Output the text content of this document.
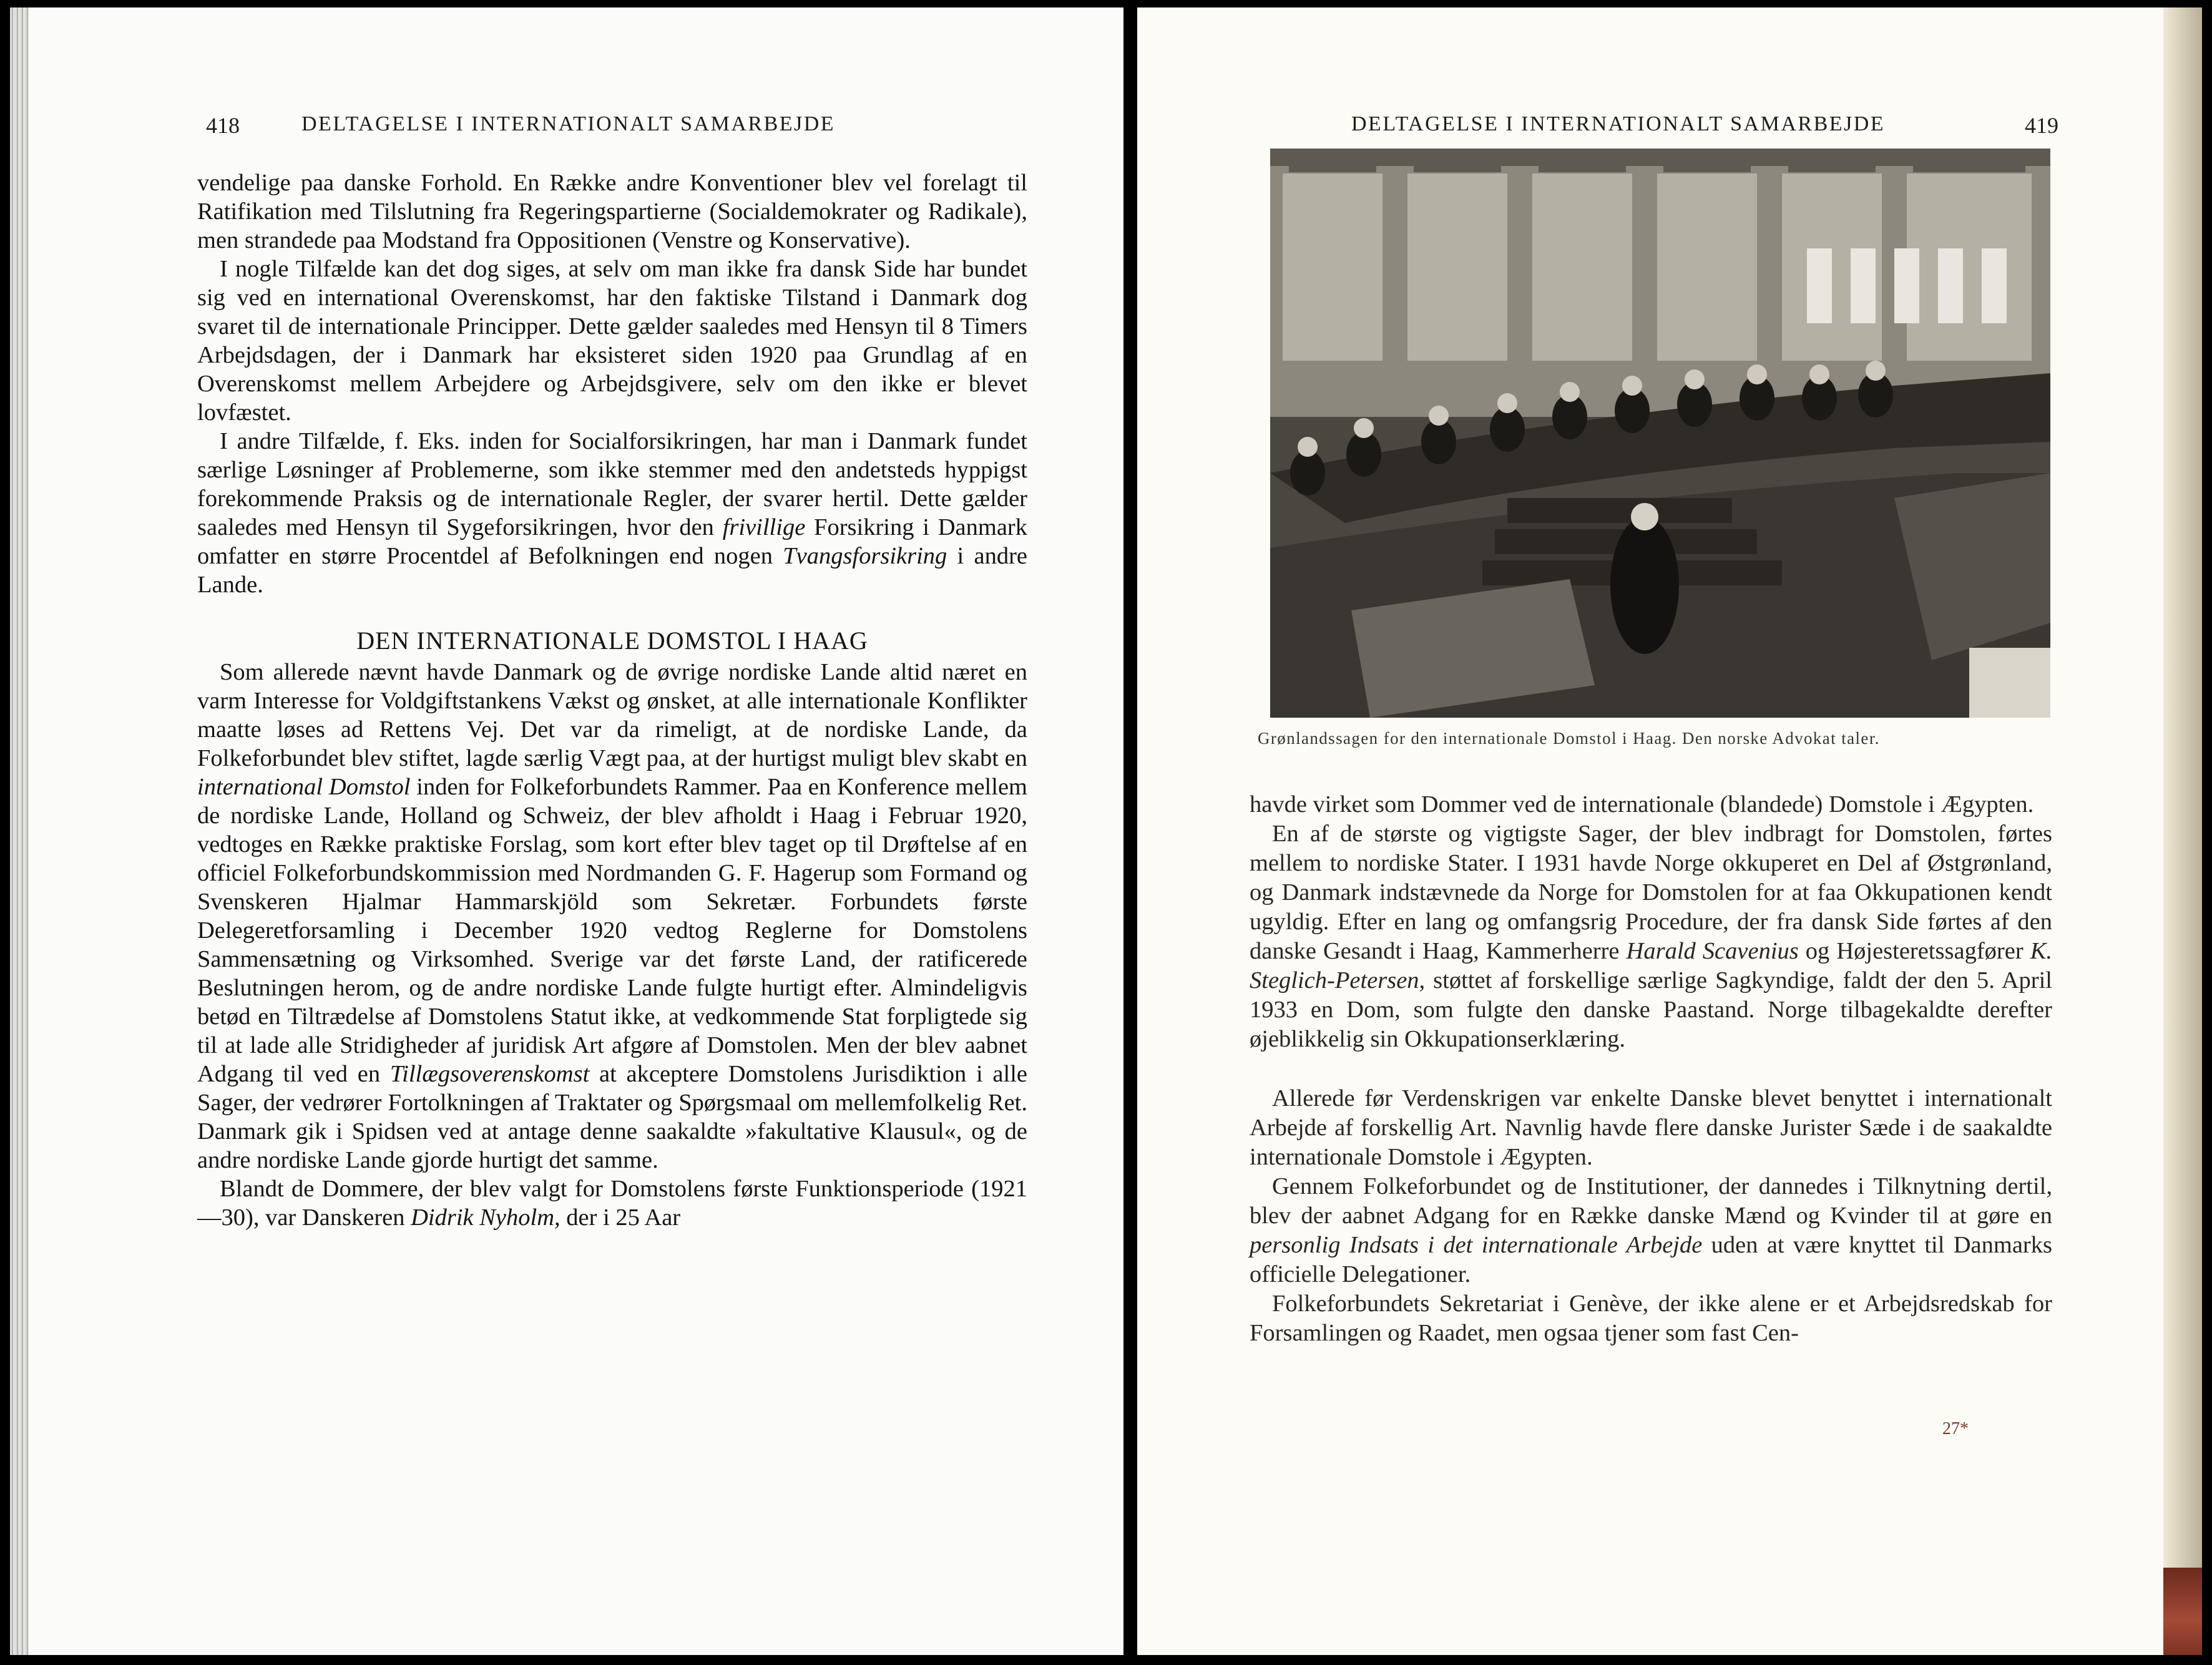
418	DELTAGELSE I INTERNATIONALT SAMARBEJDE

vendelige paa danske Forhold. En Række andre Konventioner blev vel forelagt til Ratifikation med Tilslutning fra Regeringspartierne (Socialdemokrater og Radikale), men strandede paa Modstand fra Oppositionen (Venstre og Konservative).

I nogle Tilfælde kan det dog siges, at selv om man ikke fra dansk Side har bundet sig ved en international Overenskomst, har den faktiske Tilstand i Danmark dog svaret til de internationale Principper. Dette gælder saaledes med Hensyn til 8 Timers Arbejdsdagen, der i Danmark har eksisteret siden 1920 paa Grundlag af en Overenskomst mellem Arbejdere og Arbejdsgivere, selv om den ikke er blevet lovfæstet.

I andre Tilfælde, f. Eks. inden for Socialforsikringen, har man i Danmark fundet særlige Løsninger af Problemerne, som ikke stemmer med den andetsteds hyppigst forekommende Praksis og de internationale Regler, der svarer hertil. Dette gælder saaledes med Hensyn til Sygeforsikringen, hvor den frivillige Forsikring i Danmark omfatter en større Procentdel af Befolkningen end nogen Tvangsforsikring i andre Lande.

DEN INTERNATIONALE DOMSTOL I HAAG

Som allerede nævnt havde Danmark og de øvrige nordiske Lande altid næret en varm Interesse for Voldgiftstankens Vækst og ønsket, at alle internationale Konflikter maatte løses ad Rettens Vej. Det var da rimeligt, at de nordiske Lande, da Folkeforbundet blev stiftet, lagde særlig Vægt paa, at der hurtigst muligt blev skabt en international Domstol inden for Folkeforbundets Rammer. Paa en Konference mellem de nordiske Lande, Holland og Schweiz, der blev afholdt i Haag i Februar 1920, vedtoges en Række praktiske Forslag, som kort efter blev taget op til Drøftelse af en officiel Folkeforbundskommission med Nordmanden G. F. Hagerup som Formand og Svenskeren Hjalmar Hammarskjöld som Sekretær. Forbundets første Delegeretforsamling i December 1920 vedtog Reglerne for Domstolens Sammensætning og Virksomhed. Sverige var det første Land, der ratificerede Beslutningen herom, og de andre nordiske Lande fulgte hurtigt efter. Almindeligvis betød en Tiltrædelse af Domstolens Statut ikke, at vedkommende Stat forpligtede sig til at lade alle Stridigheder af juridisk Art afgøre af Domstolen. Men der blev aabnet Adgang til ved en Tillægsoverenskomst at akceptere Domstolens Jurisdiktion i alle Sager, der vedrører Fortolkningen af Traktater og Spørgsmaal om mellemfolkelig Ret. Danmark gik i Spidsen ved at antage denne saakaldte »fakultative Klausul«, og de andre nordiske Lande gjorde hurtigt det samme.

Blandt de Dommere, der blev valgt for Domstolens første Funktionsperiode (1921—30), var Danskeren Didrik Nyholm, der i 25 Aar

DELTAGELSE I INTERNATIONALT SAMARBEJDE	419
Grønlandssagen for den internationale Domstol i Haag. Den norske Advokat taler.

havde virket som Dommer ved de internationale (blandede) Domstole i Ægypten.

En af de største og vigtigste Sager, der blev indbragt for Domstolen, førtes mellem to nordiske Stater. I 1931 havde Norge okkuperet en Del af Østgrønland, og Danmark indstævnede da Norge for Domstolen for at faa Okkupationen kendt ugyldig. Efter en lang og omfangsrig Procedure, der fra dansk Side førtes af den danske Gesandt i Haag, Kammerherre Harald Scavenius og Højesteretssagfører K. Steglich-Petersen, støttet af forskellige særlige Sagkyndige, faldt der den 5. April 1933 en Dom, som fulgte den danske Paastand. Norge tilbagekaldte derefter øjeblikkelig sin Okkupationserklæring.

Allerede før Verdenskrigen var enkelte Danske blevet benyttet i internationalt Arbejde af forskellig Art. Navnlig havde flere danske Jurister Sæde i de saakaldte internationale Domstole i Ægypten.

Gennem Folkeforbundet og de Institutioner, der dannedes i Tilknytning dertil, blev der aabnet Adgang for en Række danske Mænd og Kvinder til at gøre en personlig Indsats i det internationale Arbejde uden at være knyttet til Danmarks officielle Delegationer.

Folkeforbundets Sekretariat i Genève, der ikke alene er et Arbejdsredskab for Forsamlingen og Raadet, men ogsaa tjener som fast Cen-

27*
